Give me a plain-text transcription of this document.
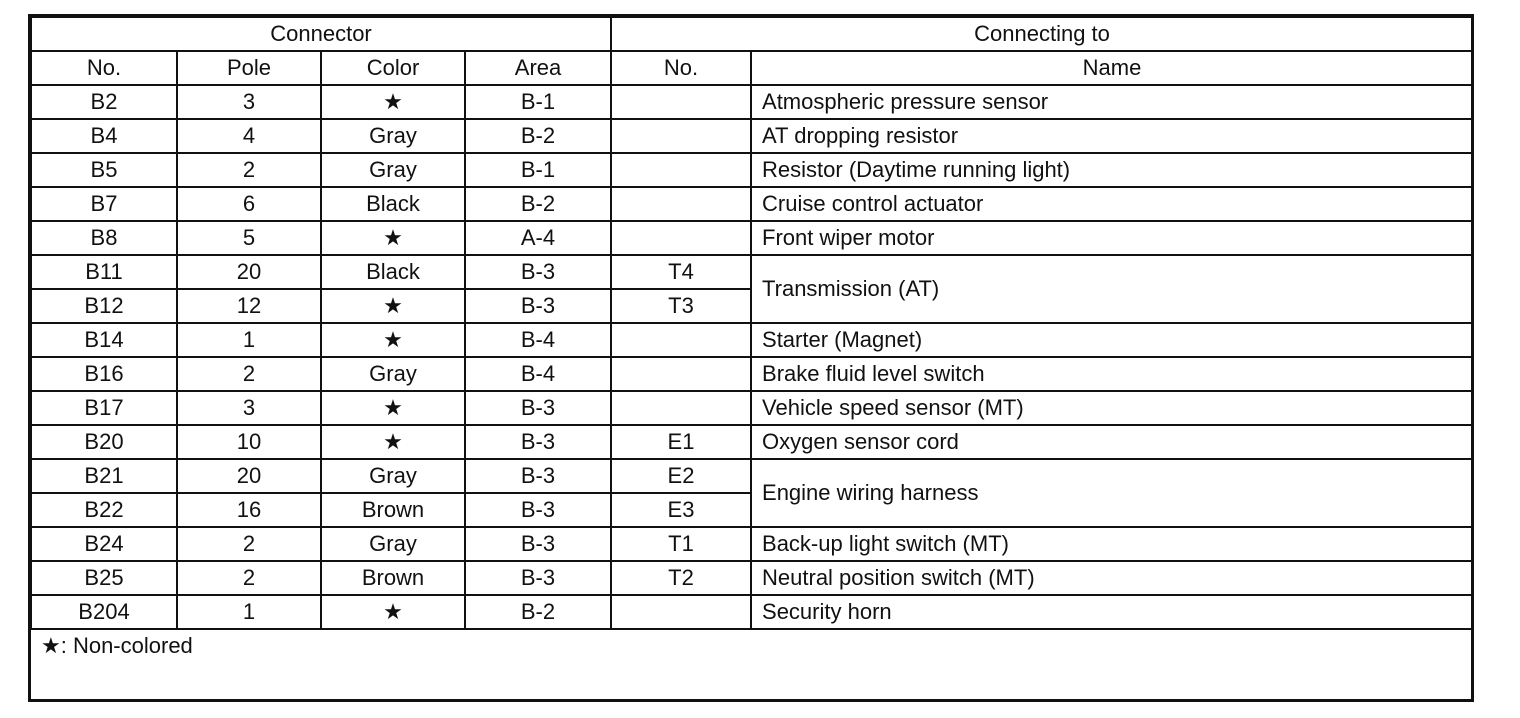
Connector				Connecting to	
No.	Pole	Color	Area	No.	Name
B2	3	★	B-1		Atmospheric pressure sensor
B4	4	Gray	B-2		AT dropping resistor
B5	2	Gray	B-1		Resistor (Daytime running light)
B7	6	Black	B-2		Cruise control actuator
B8	5	★	A-4		Front wiper motor
B11	20	Black	B-3	T4	Transmission (AT)
B12	12	★	B-3	T3	
B14	1	★	B-4		Starter (Magnet)
B16	2	Gray	B-4		Brake fluid level switch
B17	3	★	B-3		Vehicle speed sensor (MT)
B20	10	★	B-3	E1	Oxygen sensor cord
B21	20	Gray	B-3	E2	Engine wiring harness
B22	16	Brown	B-3	E3	
B24	2	Gray	B-3	T1	Back-up light switch (MT)
B25	2	Brown	B-3	T2	Neutral position switch (MT)
B204	1	★	B-2		Security horn
★: Non-colored					
